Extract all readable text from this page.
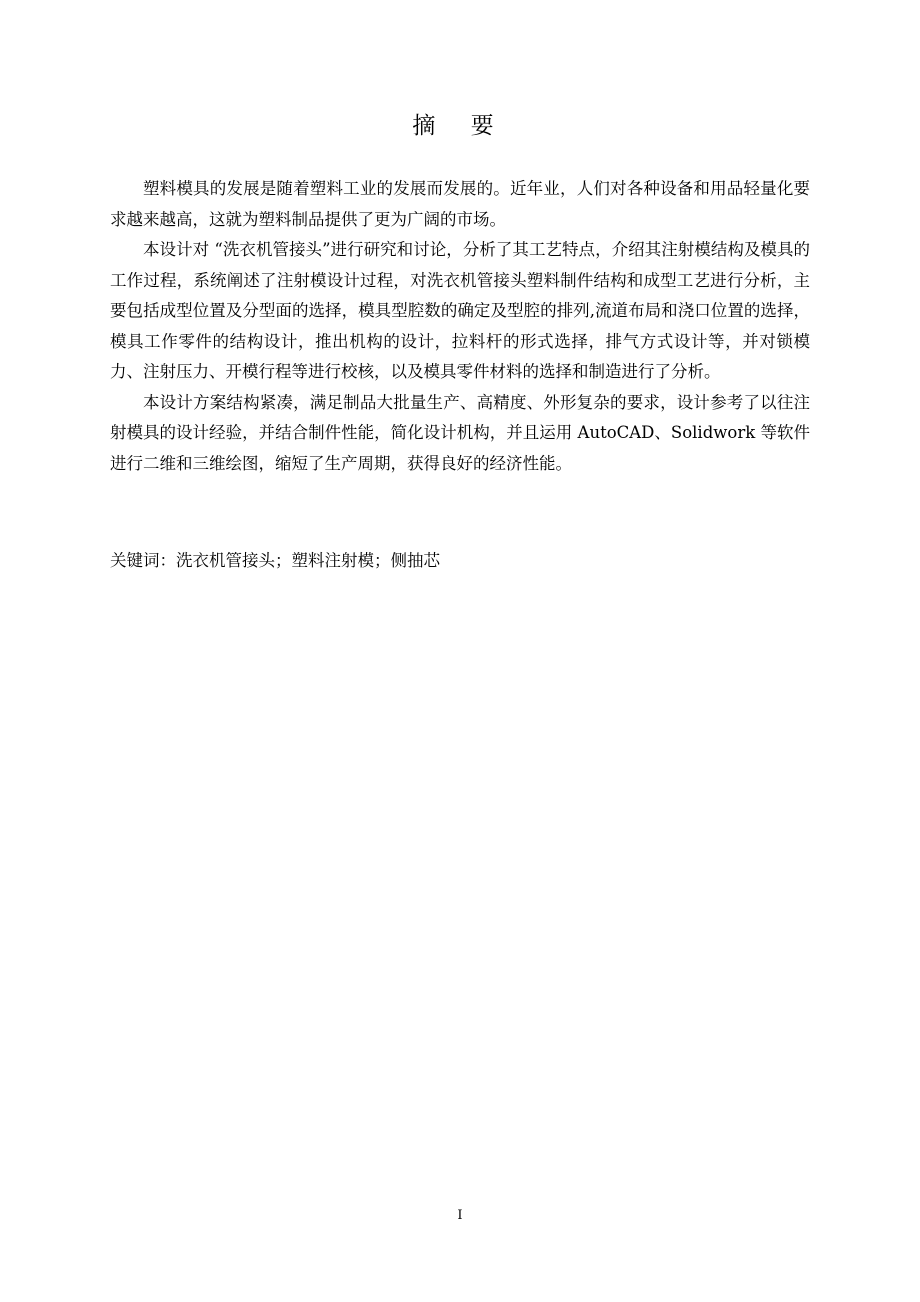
摘 要

塑料模具的发展是随着塑料工业的发展而发展的。近年业，人们对各种设备和用品轻量化要求越来越高，这就为塑料制品提供了更为广阔的市场。

本设计对 “洗衣机管接头”进行研究和讨论，分析了其工艺特点，介绍其注射模结构及模具的工作过程，系统阐述了注射模设计过程，对洗衣机管接头塑料制件结构和成型工艺进行分析，主要包括成型位置及分型面的选择，模具型腔数的确定及型腔的排列,流道布局和浇口位置的选择，模具工作零件的结构设计，推出机构的设计，拉料杆的形式选择，排气方式设计等，并对锁模力、注射压力、开模行程等进行校核，以及模具零件材料的选择和制造进行了分析。

本设计方案结构紧凑，满足制品大批量生产、高精度、外形复杂的要求，设计参考了以往注射模具的设计经验，并结合制件性能，简化设计机构，并且运用 AutoCAD、Solidwork 等软件进行二维和三维绘图，缩短了生产周期，获得良好的经济性能。

关键词：洗衣机管接头；塑料注射模；侧抽芯

I
